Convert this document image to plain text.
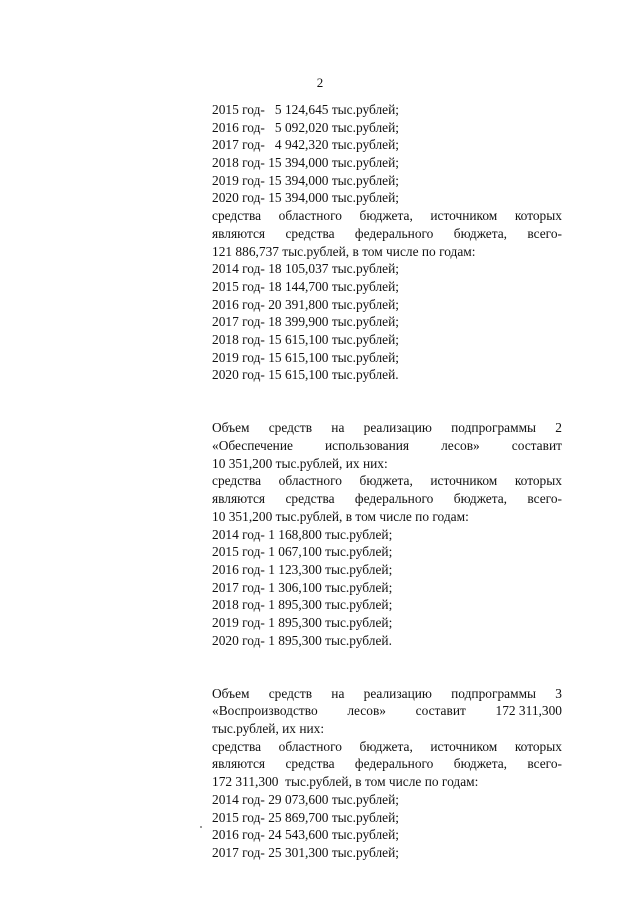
2
2015 год-   5 124,645 тыс.рублей;
2016 год-   5 092,020 тыс.рублей;
2017 год-   4 942,320 тыс.рублей;
2018 год- 15 394,000 тыс.рублей;
2019 год- 15 394,000 тыс.рублей;
2020 год- 15 394,000 тыс.рублей;
средства областного бюджета, источником которых
являются средства федерального бюджета, всего-
121 886,737 тыс.рублей, в том числе по годам:
2014 год- 18 105,037 тыс.рублей;
2015 год- 18 144,700 тыс.рублей;
2016 год- 20 391,800 тыс.рублей;
2017 год- 18 399,900 тыс.рублей;
2018 год- 15 615,100 тыс.рублей;
2019 год- 15 615,100 тыс.рублей;
2020 год- 15 615,100 тыс.рублей.
Объем средств на реализацию подпрограммы 2
«Обеспечение использования лесов» составит
10 351,200 тыс.рублей, их них:
средства областного бюджета, источником которых
являются средства федерального бюджета, всего-
10 351,200 тыс.рублей, в том числе по годам:
2014 год- 1 168,800 тыс.рублей;
2015 год- 1 067,100 тыс.рублей;
2016 год- 1 123,300 тыс.рублей;
2017 год- 1 306,100 тыс.рублей;
2018 год- 1 895,300 тыс.рублей;
2019 год- 1 895,300 тыс.рублей;
2020 год- 1 895,300 тыс.рублей.
Объем средств на реализацию подпрограммы 3
«Воспроизводство лесов» составит 172 311,300
тыс.рублей, их них:
средства областного бюджета, источником которых
являются средства федерального бюджета, всего-
172 311,300  тыс.рублей, в том числе по годам:
2014 год- 29 073,600 тыс.рублей;
2015 год- 25 869,700 тыс.рублей;
2016 год- 24 543,600 тыс.рублей;
2017 год- 25 301,300 тыс.рублей;
